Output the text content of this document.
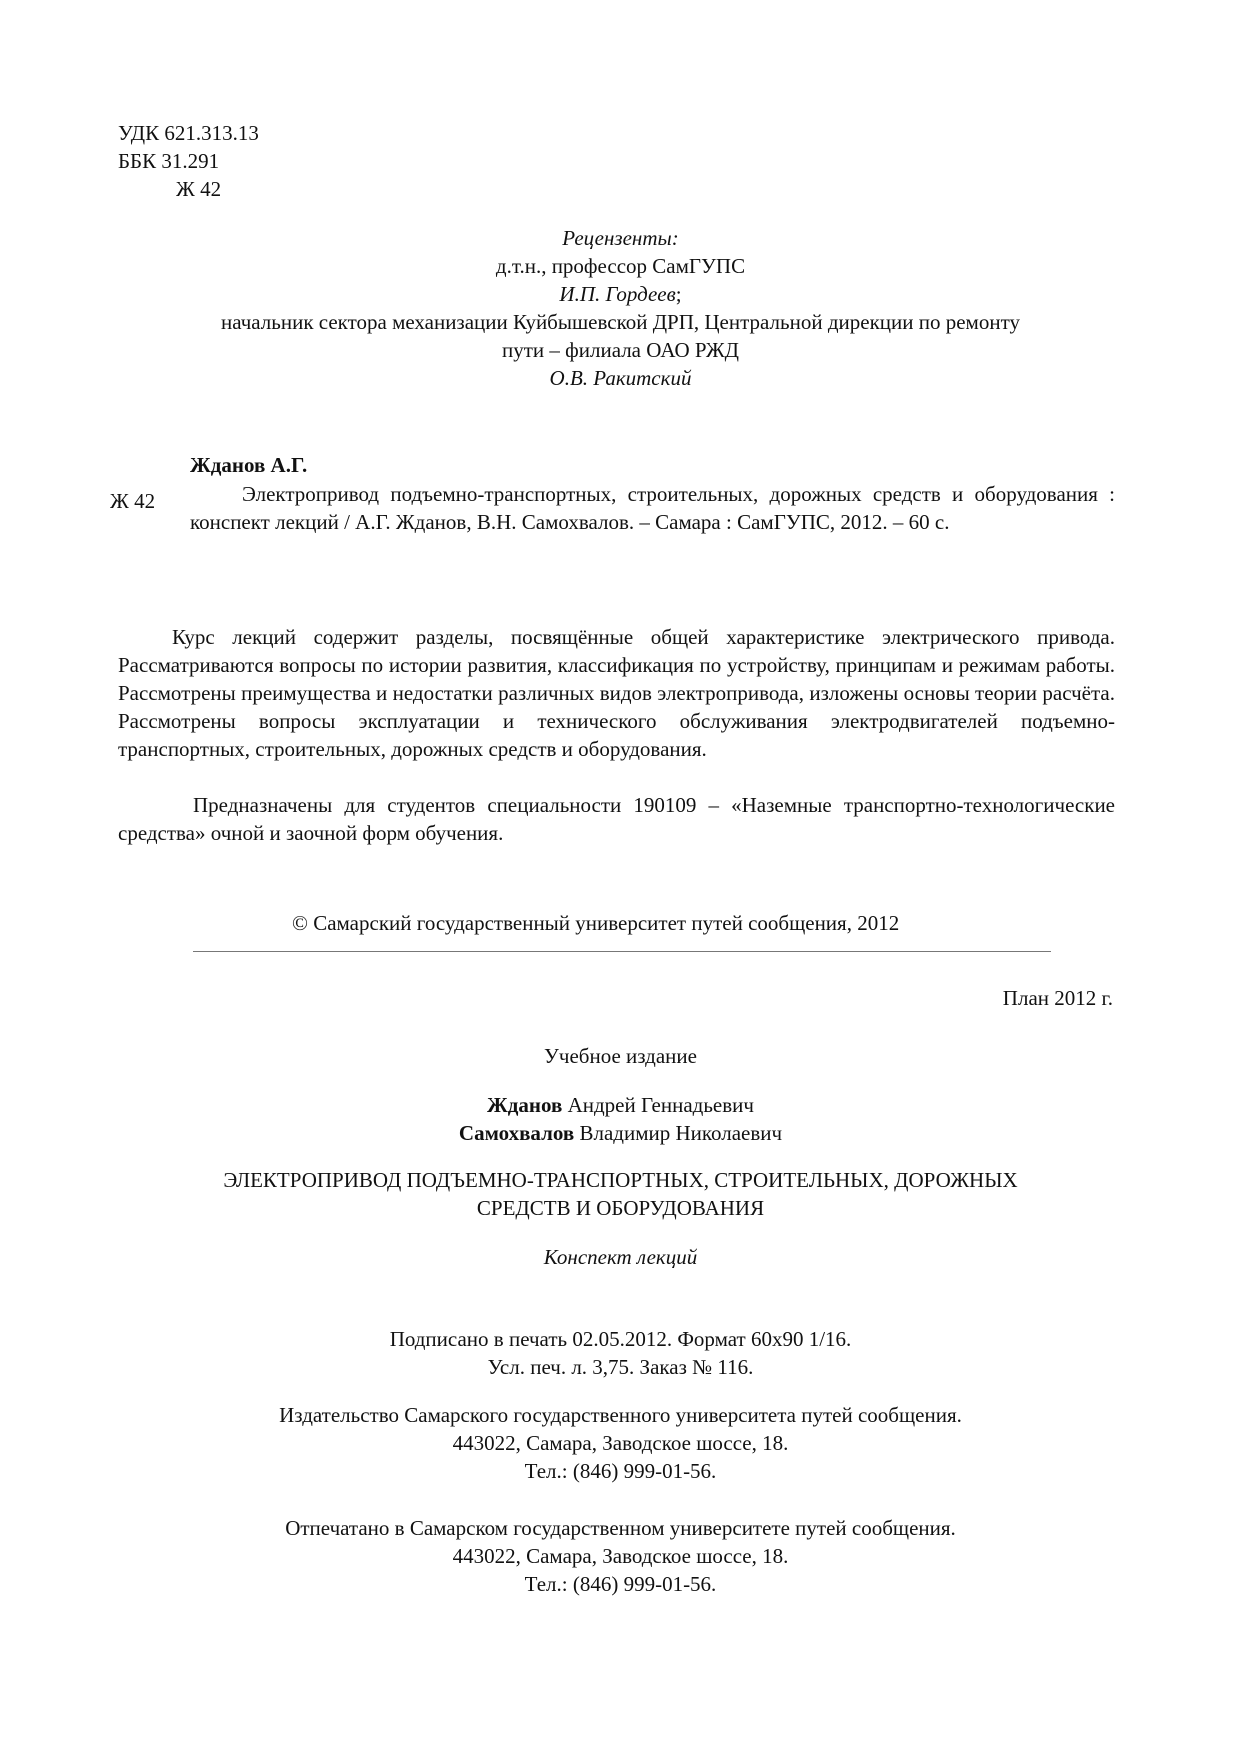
УДК 621.313.13
ББК 31.291
Ж 42
Рецензенты:
д.т.н., профессор СамГУПС
И.П. Гордеев;
начальник сектора механизации Куйбышевской ДРП, Центральной дирекции по ремонту
пути – филиала ОАО РЖД
О.В. Ракитский
Жданов А.Г.
Ж 42	Электропривод подъемно-транспортных, строительных, дорожных средств и оборудования : конспект лекций / А.Г. Жданов, В.Н. Самохвалов. – Самара : СамГУПС, 2012. – 60 с.
Курс лекций содержит разделы, посвящённые общей характеристике электрического привода. Рассматриваются вопросы по истории развития, классификация по устройству, принципам и режимам работы. Рассмотрены преимущества и недостатки различных видов электропривода, изложены основы теории расчёта. Рассмотрены вопросы эксплуатации и технического обслуживания электродвигателей подъемно-транспортных, строительных, дорожных средств и оборудования.
Предназначены для студентов специальности 190109 – «Наземные транспортно-технологические средства» очной и заочной форм обучения.
© Самарский государственный университет путей сообщения, 2012
План 2012 г.
Учебное издание
Жданов Андрей Геннадьевич
Самохвалов Владимир Николаевич
ЭЛЕКТРОПРИВОД ПОДЪЕМНО-ТРАНСПОРТНЫХ, СТРОИТЕЛЬНЫХ, ДОРОЖНЫХ
СРЕДСТВ И ОБОРУДОВАНИЯ
Конспект лекций
Подписано в печать 02.05.2012. Формат 60х90 1/16.
Усл. печ. л. 3,75. Заказ № 116.
Издательство Самарского государственного университета путей сообщения.
443022, Самара, Заводское шоссе, 18.
Тел.: (846) 999-01-56.
Отпечатано в Самарском государственном университете путей сообщения.
443022, Самара, Заводское шоссе, 18.
Тел.: (846) 999-01-56.
